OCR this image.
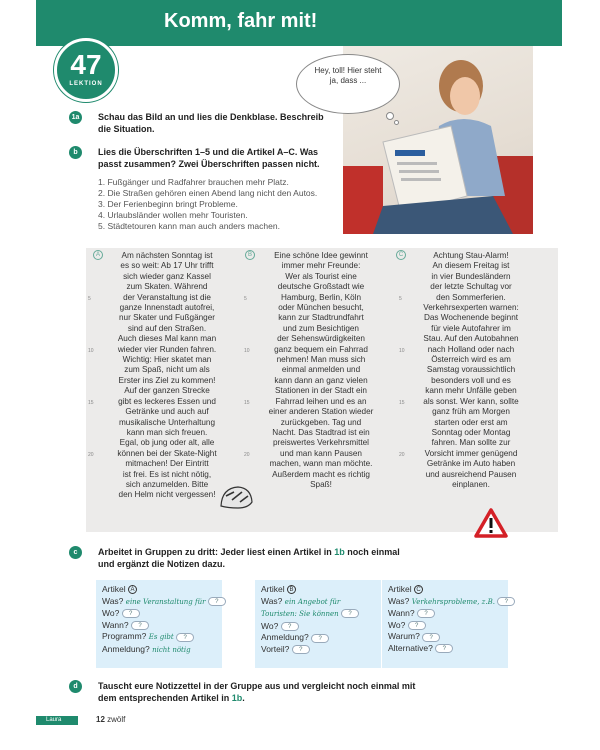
Komm, fahr mit!
47
LEKTION
Hey, toll! Hier steht ja, dass ...
1a Schau das Bild an und lies die Denkblase. Beschreib die Situation.
b	Lies die Überschriften 1–5 und die Artikel A–C. Was passt zusammen? Zwei Überschriften passen nicht.
1. Fußgänger und Radfahrer brauchen mehr Platz.
2. Die Straßen gehören einen Abend lang nicht den Autos.
3. Der Ferienbeginn bringt Probleme.
4. Urlaubsländer wollen mehr Touristen.
5. Städtetouren kann man auch anders machen.
A	B	C
Am nächsten Sonntag ist
es so weit: Ab 17 Uhr trifft
sich wieder ganz Kassel
zum Skaten. Während
der Veranstaltung ist die
ganze Innenstadt autofrei,
nur Skater und Fußgänger
sind auf den Straßen.
Auch dieses Mal kann man
wieder vier Runden fahren.
Wichtig: Hier skatet man
zum Spaß, nicht um als
Erster ins Ziel zu kommen!
Auf der ganzen Strecke
gibt es leckeres Essen und
Getränke und auch auf
musikalische Unterhaltung
kann man sich freuen.
Egal, ob jung oder alt, alle
können bei der Skate-Night
mitmachen! Der Eintritt
ist frei. Es ist nicht nötig,
sich anzumelden. Bitte
den Helm nicht vergessen!
Eine schöne Idee gewinnt
immer mehr Freunde:
Wer als Tourist eine
deutsche Großstadt wie
Hamburg, Berlin, Köln
oder München besucht,
kann zur Stadtrundfahrt
und zum Besichtigen
der Sehenswürdigkeiten
ganz bequem ein Fahrrad
nehmen! Man muss sich
einmal anmelden und
kann dann an ganz vielen
Stationen in der Stadt ein
Fahrrad leihen und es an
einer anderen Station wieder
zurückgeben. Tag und
Nacht. Das Stadtrad ist ein
preiswertes Verkehrsmittel
und man kann Pausen
machen, wann man möchte.
Außerdem macht es richtig
Spaß!
Achtung Stau-Alarm!
An diesem Freitag ist
in vier Bundesländern
der letzte Schultag vor
den Sommerferien.
Verkehrsexperten warnen:
Das Wochenende beginnt
für viele Autofahrer im
Stau. Auf den Autobahnen
nach Holland oder nach
Österreich wird es am
Samstag voraussichtlich
besonders voll und es
kann mehr Unfälle geben
als sonst. Wer kann, sollte
ganz früh am Morgen
starten oder erst am
Sonntag oder Montag
fahren. Man sollte zur
Vorsicht immer genügend
Getränke im Auto haben
und ausreichend Pausen
einplanen.
5
10
15
20
5
10
15
20
5
10
15
20
c	Arbeitet in Gruppen zu dritt: Jeder liest einen Artikel in 1b noch einmal und ergänzt die Notizen dazu.
Artikel A
Was? eine Veranstaltung für ?
Wo? ?
Wann? ?
Programm? Es gibt ?
Anmeldung? nicht nötig
Artikel B
Was? ein Angebot für
Touristen: Sie können ?
Wo? ?
Anmeldung? ?
Vorteil? ?
Artikel C
Was? Verkehrsprobleme, z.B. ?
Wann? ?
Wo? ?
Warum? ?
Alternative? ?
d	Tauscht eure Notizzettel in der Gruppe aus und vergleicht noch einmal mit dem entsprechenden Artikel in 1b.
Laura	12 zwölf
